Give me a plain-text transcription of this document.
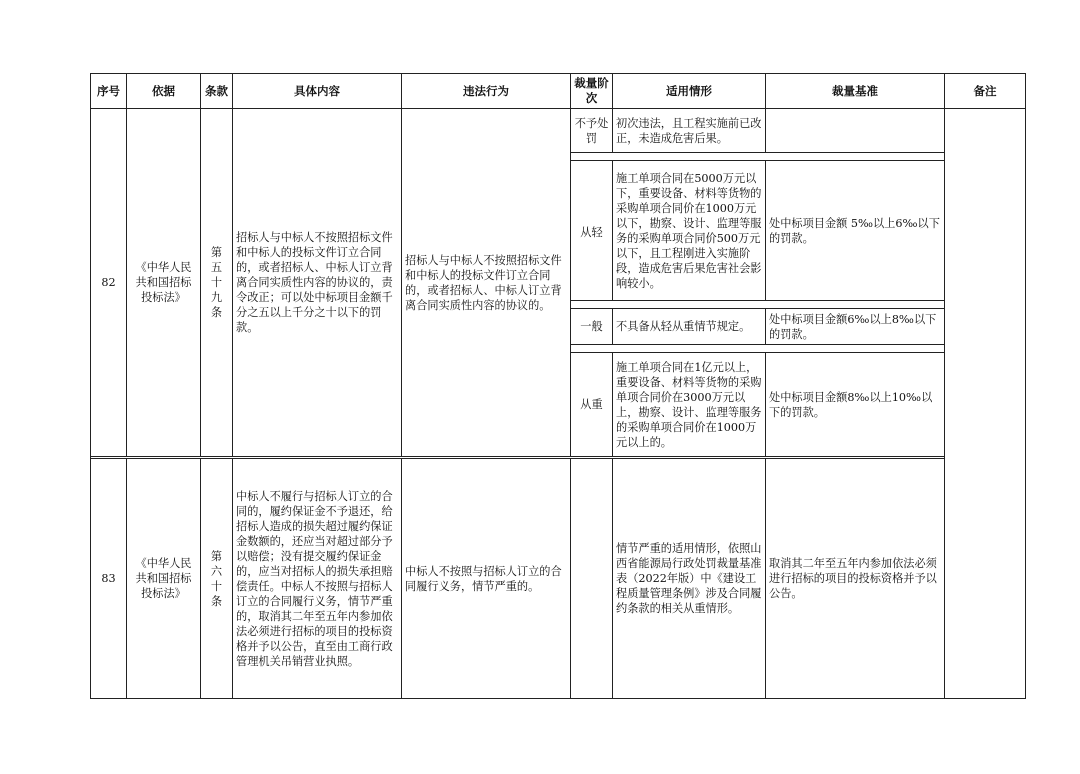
序号	依据	条款	具体内容	违法行为	裁量阶次	适用情形	裁量基准	备注
82	《中华人民共和国招标投标法》	第
五
十
九
条	招标人与中标人不按照招标文件和中标人的投标文件订立合同的，或者招标人、中标人订立背离合同实质性内容的协议的，责令改正；可以处中标项目金额千分之五以上千分之十以下的罚款。	招标人与中标人不按照招标文件和中标人的投标文件订立合同的，或者招标人、中标人订立背离合同实质性内容的协议的。	不予处罚	初次违法，且工程实施前已改正，未造成危害后果。		

					从轻	施工单项合同在5000万元以下，重要设备、材料等货物的采购单项合同价在1000万元以下，勘察、设计、监理等服务的采购单项合同价500万元以下，且工程刚进入实施阶段，造成危害后果危害社会影响较小。	处中标项目金额 5‰以上6‰以下的罚款。	

					一般	不具备从轻从重情节规定。	处中标项目金额6‰以上8‰以下的罚款。	

					从重	施工单项合同在1亿元以上，重要设备、材料等货物的采购单项合同价在3000万元以上，勘察、设计、监理等服务的采购单项合同价在1000万元以上的。	处中标项目金额8‰以上10‰以下的罚款。	

83	《中华人民共和国招标投标法》	第
六
十
条	中标人不履行与招标人订立的合同的，履约保证金不予退还，给招标人造成的损失超过履约保证金数额的，还应当对超过部分予以赔偿；没有提交履约保证金的，应当对招标人的损失承担赔偿责任。中标人不按照与招标人订立的合同履行义务，情节严重的，取消其二年至五年内参加依法必须进行招标的项目的投标资格并予以公告，直至由工商行政管理机关吊销营业执照。	中标人不按照与招标人订立的合同履行义务，情节严重的。		情节严重的适用情形，依照山西省能源局行政处罚裁量基准表（2022年版）中《建设工程质量管理条例》涉及合同履约条款的相关从重情形。	取消其二年至五年内参加依法必须进行招标的项目的投标资格并予以公告。	
